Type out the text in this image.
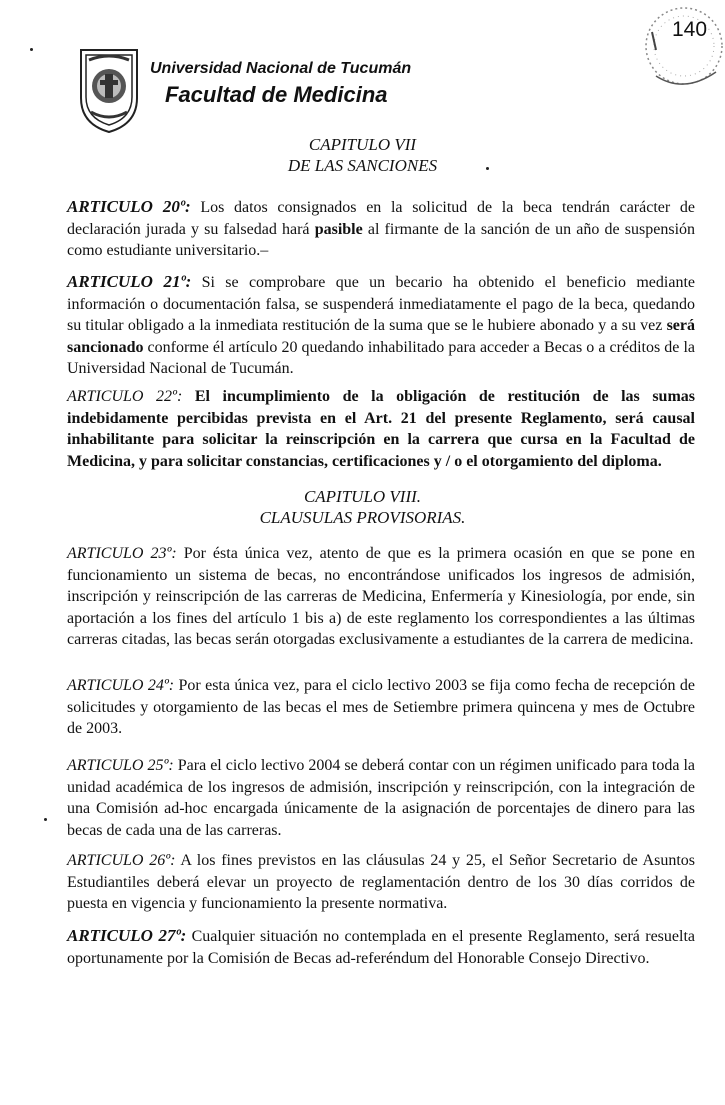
Universidad Nacional de Tucumán
Facultad de Medicina
140
CAPITULO VII
DE LAS SANCIONES
ARTICULO 20º: Los datos consignados en la solicitud de la beca tendrán carácter de declaración jurada y su falsedad hará pasible al firmante de la sanción de un año de suspensión como estudiante universitario.–
ARTICULO 21º: Si se comprobare que un becario ha obtenido el beneficio mediante información o documentación falsa, se suspenderá inmediatamente el pago de la beca, quedando su titular obligado a la inmediata restitución de la suma que se le hubiere abonado y a su vez será sancionado conforme él artículo 20 quedando inhabilitado para acceder a Becas o a créditos de la Universidad Nacional de Tucumán.
ARTICULO 22º: El incumplimiento de la obligación de restitución de las sumas indebidamente percibidas prevista en el Art. 21 del presente Reglamento, será causal inhabilitante para solicitar la reinscripción en la carrera que cursa en la Facultad de Medicina, y para solicitar constancias, certificaciones y / o el otorgamiento del diploma.
CAPITULO VIII.
CLAUSULAS PROVISORIAS.
ARTICULO 23º: Por ésta única vez, atento de que es la primera ocasión en que se pone en funcionamiento un sistema de becas, no encontrándose unificados los ingresos de admisión, inscripción y reinscripción de las carreras de Medicina, Enfermería y Kinesiología, por ende, sin aportación a los fines del artículo 1 bis a) de este reglamento los correspondientes a las últimas carreras citadas, las becas serán otorgadas exclusivamente a estudiantes de la carrera de medicina.
ARTICULO 24º: Por esta única vez, para el ciclo lectivo 2003 se fija como fecha de recepción de solicitudes y otorgamiento de las becas el mes de Setiembre primera quincena y mes de Octubre de 2003.
ARTICULO 25º: Para el ciclo lectivo 2004 se deberá contar con un régimen unificado para toda la unidad académica de los ingresos de admisión, inscripción y reinscripción, con la integración de una Comisión ad-hoc encargada únicamente de la asignación de porcentajes de dinero para las becas de cada una de las carreras.
ARTICULO 26º: A los fines previstos en las cláusulas 24 y 25, el Señor Secretario de Asuntos Estudiantiles deberá elevar un proyecto de reglamentación dentro de los 30 días corridos de puesta en vigencia y funcionamiento la presente normativa.
ARTICULO 27º: Cualquier situación no contemplada en el presente Reglamento, será resuelta oportunamente por la Comisión de Becas ad-referéndum del Honorable Consejo Directivo.
